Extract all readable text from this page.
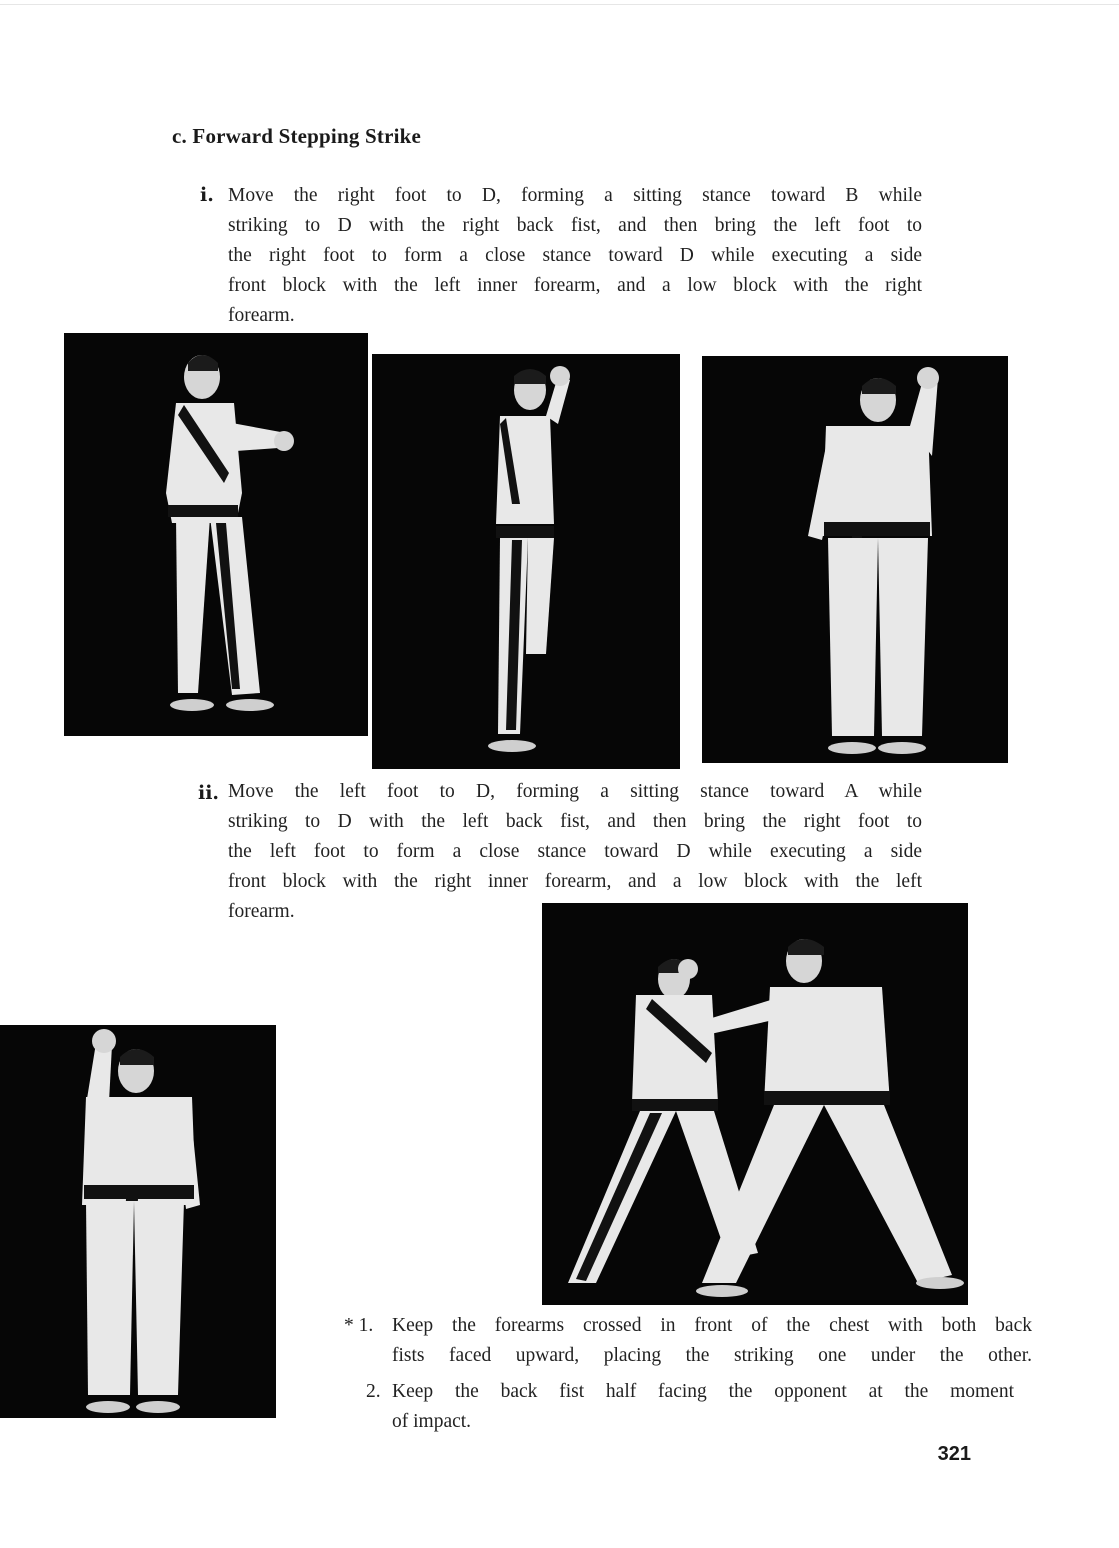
c. Forward Stepping Strike
i. Move the right foot to D, forming a sitting stance toward B while
striking to D with the right back fist, and then bring the left foot to
the right foot to form a close stance toward D while executing a side
front block with the left inner forearm, and a low block with the right
forearm.
ii. Move the left foot to D, forming a sitting stance toward A while
striking to D with the left back fist, and then bring the right foot to
the left foot to form a close stance toward D while executing a side
front block with the right inner forearm, and a low block with the left
forearm.
* 1. Keep the forearms crossed in front of the chest with both back
fists faced upward, placing the striking one under the other.
2. Keep the back fist half facing the opponent at the moment
of impact.
321
